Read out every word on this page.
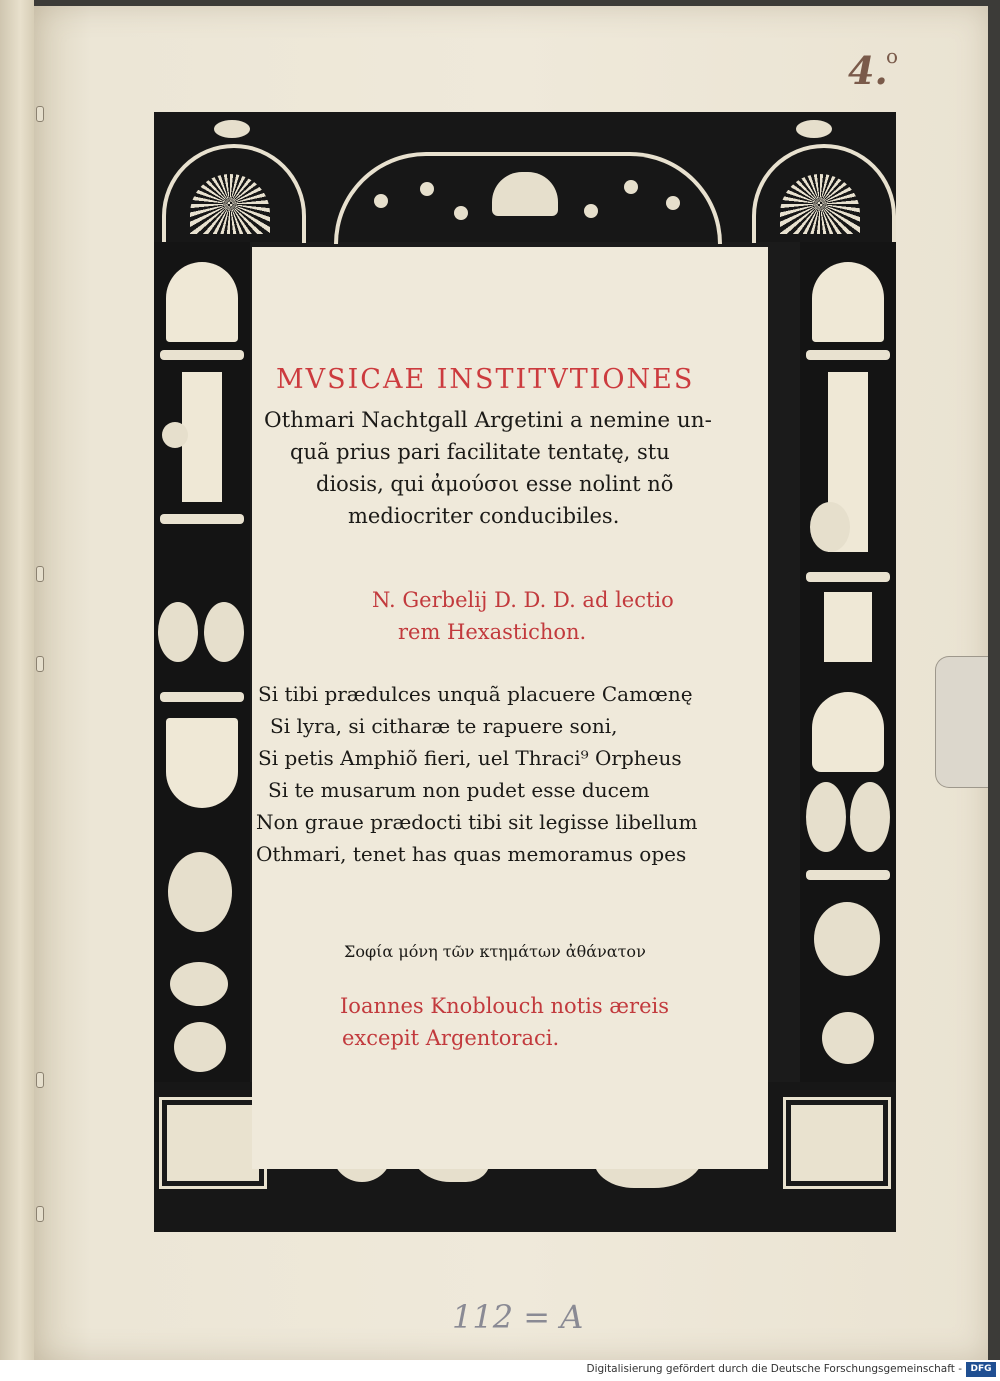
4.
o
MVSICAE INSTITVTIONES
Othmari Nachtgall Argetini a nemine un-
quã prius pari facilitate tentatę, stu
diosis, qui ἀμούσοι esse nolint nõ
mediocriter conducibiles.
N. Gerbelij D. D. D. ad lectio
rem Hexastichon.
Si tibi prædulces unquã placuere Camœnę
Si lyra, si citharæ te rapuere soni,
Si petis Amphiõ fieri, uel Thraci⁹ Orpheus
Si te musarum non pudet esse ducem
Non graue prædocti tibi sit legisse libellum
Othmari, tenet has quas memoramus opes
Σοφία μόνη τῶν κτημάτων ἀθάνατον
Ioannes Knoblouch notis æreis
excepit Argentoraci.
112 = A
Digitalisierung gefördert durch die Deutsche Forschungsgemeinschaft - DFG
